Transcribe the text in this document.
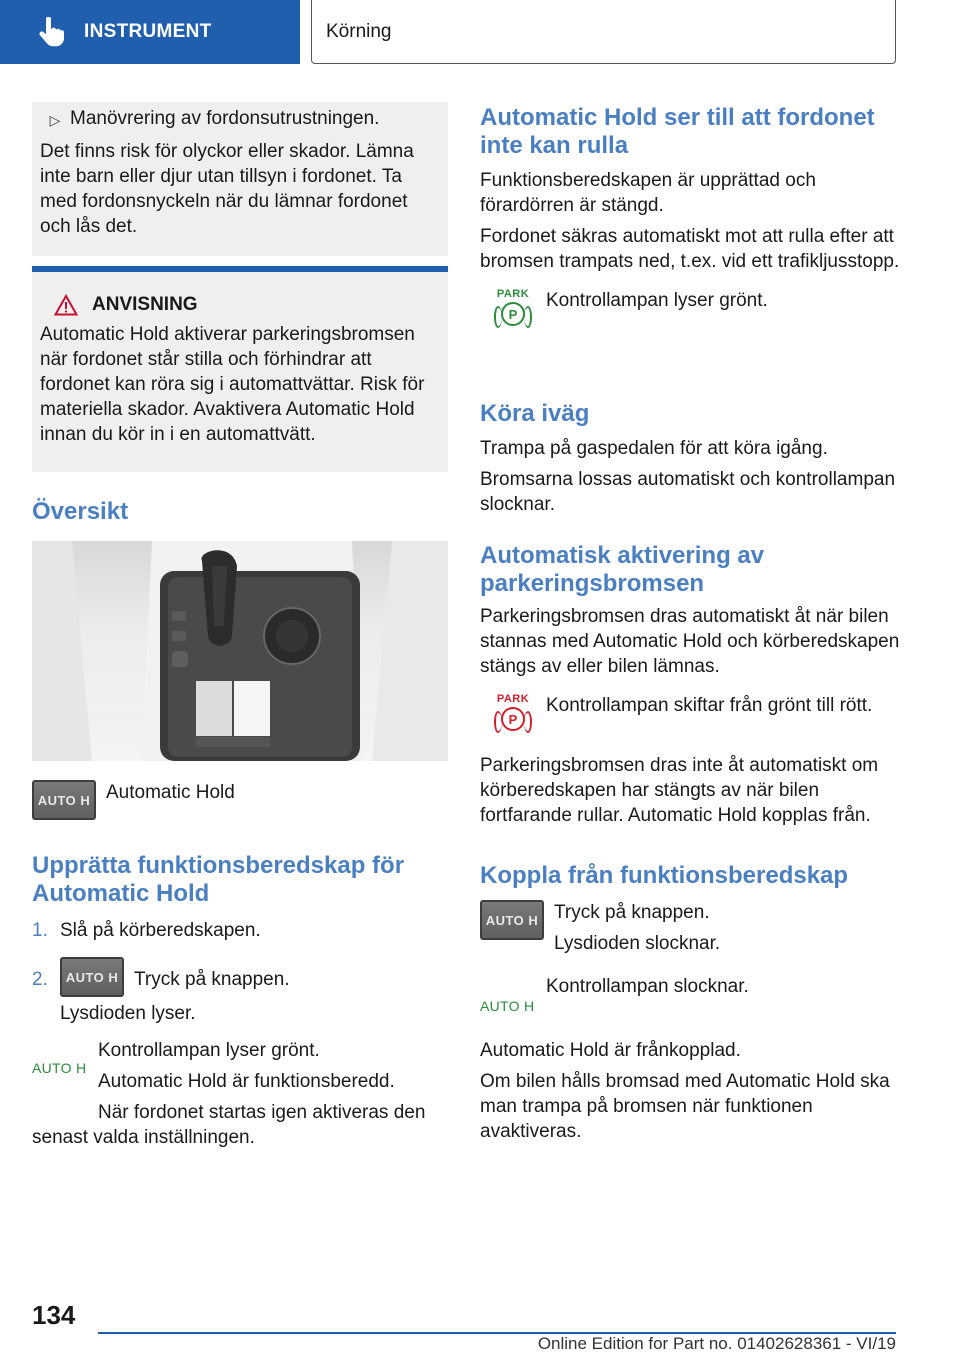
INSTRUMENT	Körning
▷ Manövrering av fordonsutrustningen.

Det finns risk för olyckor eller skador. Lämna inte barn eller djur utan tillsyn i fordonet. Ta med fordonsnyckeln när du lämnar fordonet och lås det.

ANVISNING

Automatic Hold aktiverar parkeringsbromsen när fordonet står stilla och förhindrar att fordonet kan röra sig i automattvättar. Risk för materiella skador. Avaktivera Automatic Hold innan du kör in i en automattvätt.

Översikt
AUTO H Automatic Hold
Upprätta funktionsberedskap för Automatic Hold
1. Slå på körberedskapen.
2.	AUTO H Tryck på knappen.

Lysdioden lyser.

AUTO H

Kontrollampan lyser grönt.

Automatic Hold är funktionsberedd.

När fordonet startas igen aktiveras den senast valda inställningen.

Automatic Hold ser till att fordonet inte kan rulla

Funktionsberedskapen är upprättad och förardörren är stängd.

Fordonet säkras automatiskt mot att rulla efter att bromsen trampats ned, t.ex. vid ett trafikljusstopp.

PARK
P
Kontrollampan lyser grönt.
Köra iväg

Trampa på gaspedalen för att köra igång.

Bromsarna lossas automatiskt och kontrollampan slocknar.

Automatisk aktivering av parkeringsbromsen

Parkeringsbromsen dras automatiskt åt när bilen stannas med Automatic Hold och körberedskapen stängs av eller bilen lämnas.

PARK
P
Kontrollampan skiftar från grönt till rött.

Parkeringsbromsen dras inte åt automatiskt om körberedskapen har stängts av när bilen fortfarande rullar. Automatic Hold kopplas från.

Koppla från funktionsberedskap
AUTO H Tryck på knappen.

Lysdioden slocknar.

AUTO H
Kontrollampan slocknar.

Automatic Hold är frånkopplad.

Om bilen hålls bromsad med Automatic Hold ska man trampa på bromsen när funktionen avaktiveras.

134
Online Edition for Part no. 01402628361 - VI/19
